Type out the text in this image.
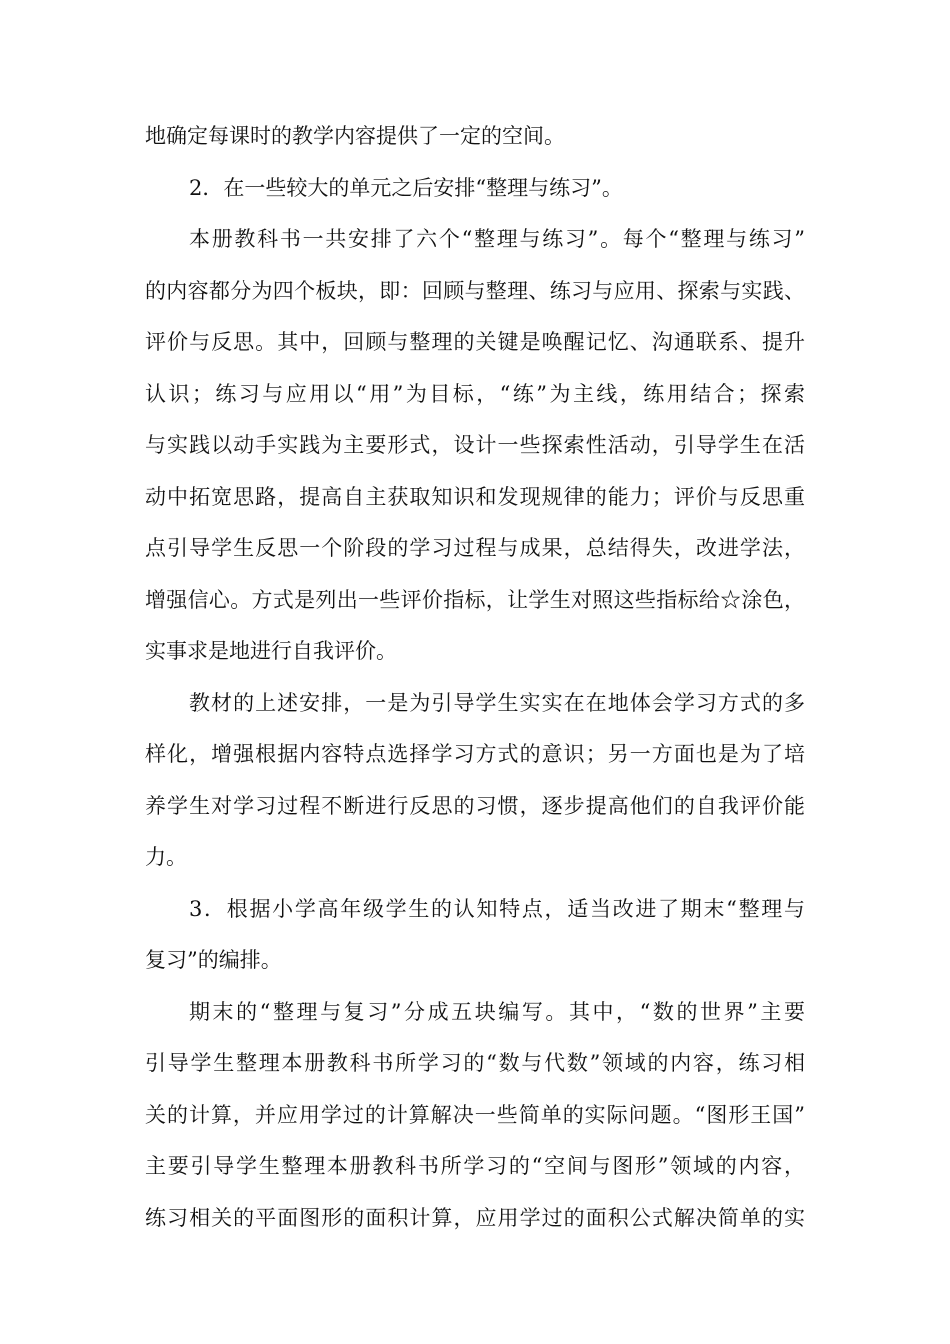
地确定每课时的教学内容提供了一定的空间。
2．在一些较大的单元之后安排“整理与练习”。
本册教科书一共安排了六个“整理与练习”。每个“整理与练习”
的内容都分为四个板块，即：回顾与整理、练习与应用、探索与实践、
评价与反思。其中，回顾与整理的关键是唤醒记忆、沟通联系、提升
认识；练习与应用以“用”为目标，“练”为主线，练用结合；探索
与实践以动手实践为主要形式，设计一些探索性活动，引导学生在活
动中拓宽思路，提高自主获取知识和发现规律的能力；评价与反思重
点引导学生反思一个阶段的学习过程与成果，总结得失，改进学法，
增强信心。方式是列出一些评价指标，让学生对照这些指标给☆涂色，
实事求是地进行自我评价。
教材的上述安排，一是为引导学生实实在在地体会学习方式的多
样化，增强根据内容特点选择学习方式的意识；另一方面也是为了培
养学生对学习过程不断进行反思的习惯，逐步提高他们的自我评价能
力。
3．根据小学高年级学生的认知特点，适当改进了期末“整理与
复习”的编排。
期末的“整理与复习”分成五块编写。其中，“数的世界”主要
引导学生整理本册教科书所学习的“数与代数”领域的内容，练习相
关的计算，并应用学过的计算解决一些简单的实际问题。“图形王国”
主要引导学生整理本册教科书所学习的“空间与图形”领域的内容，
练习相关的平面图形的面积计算，应用学过的面积公式解决简单的实
